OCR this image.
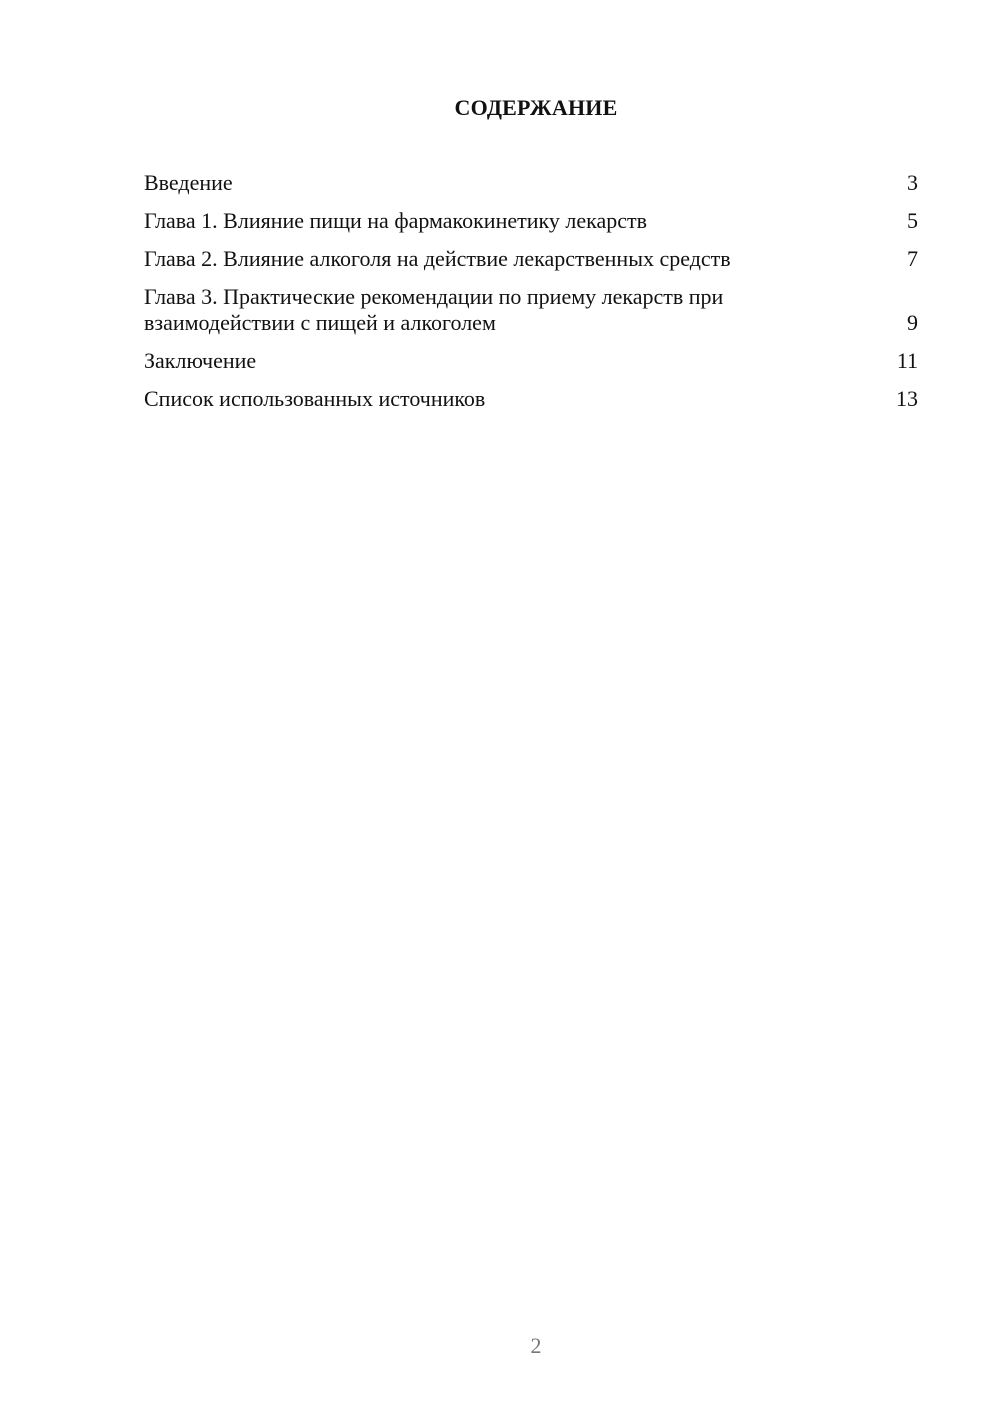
СОДЕРЖАНИЕ
Введение	3
Глава 1. Влияние пищи на фармакокинетику лекарств	5
Глава 2. Влияние алкоголя на действие лекарственных средств	7
Глава 3. Практические рекомендации по приему лекарств при
взаимодействии с пищей и алкоголем	9
Заключение	11
Список использованных источников	13
2
